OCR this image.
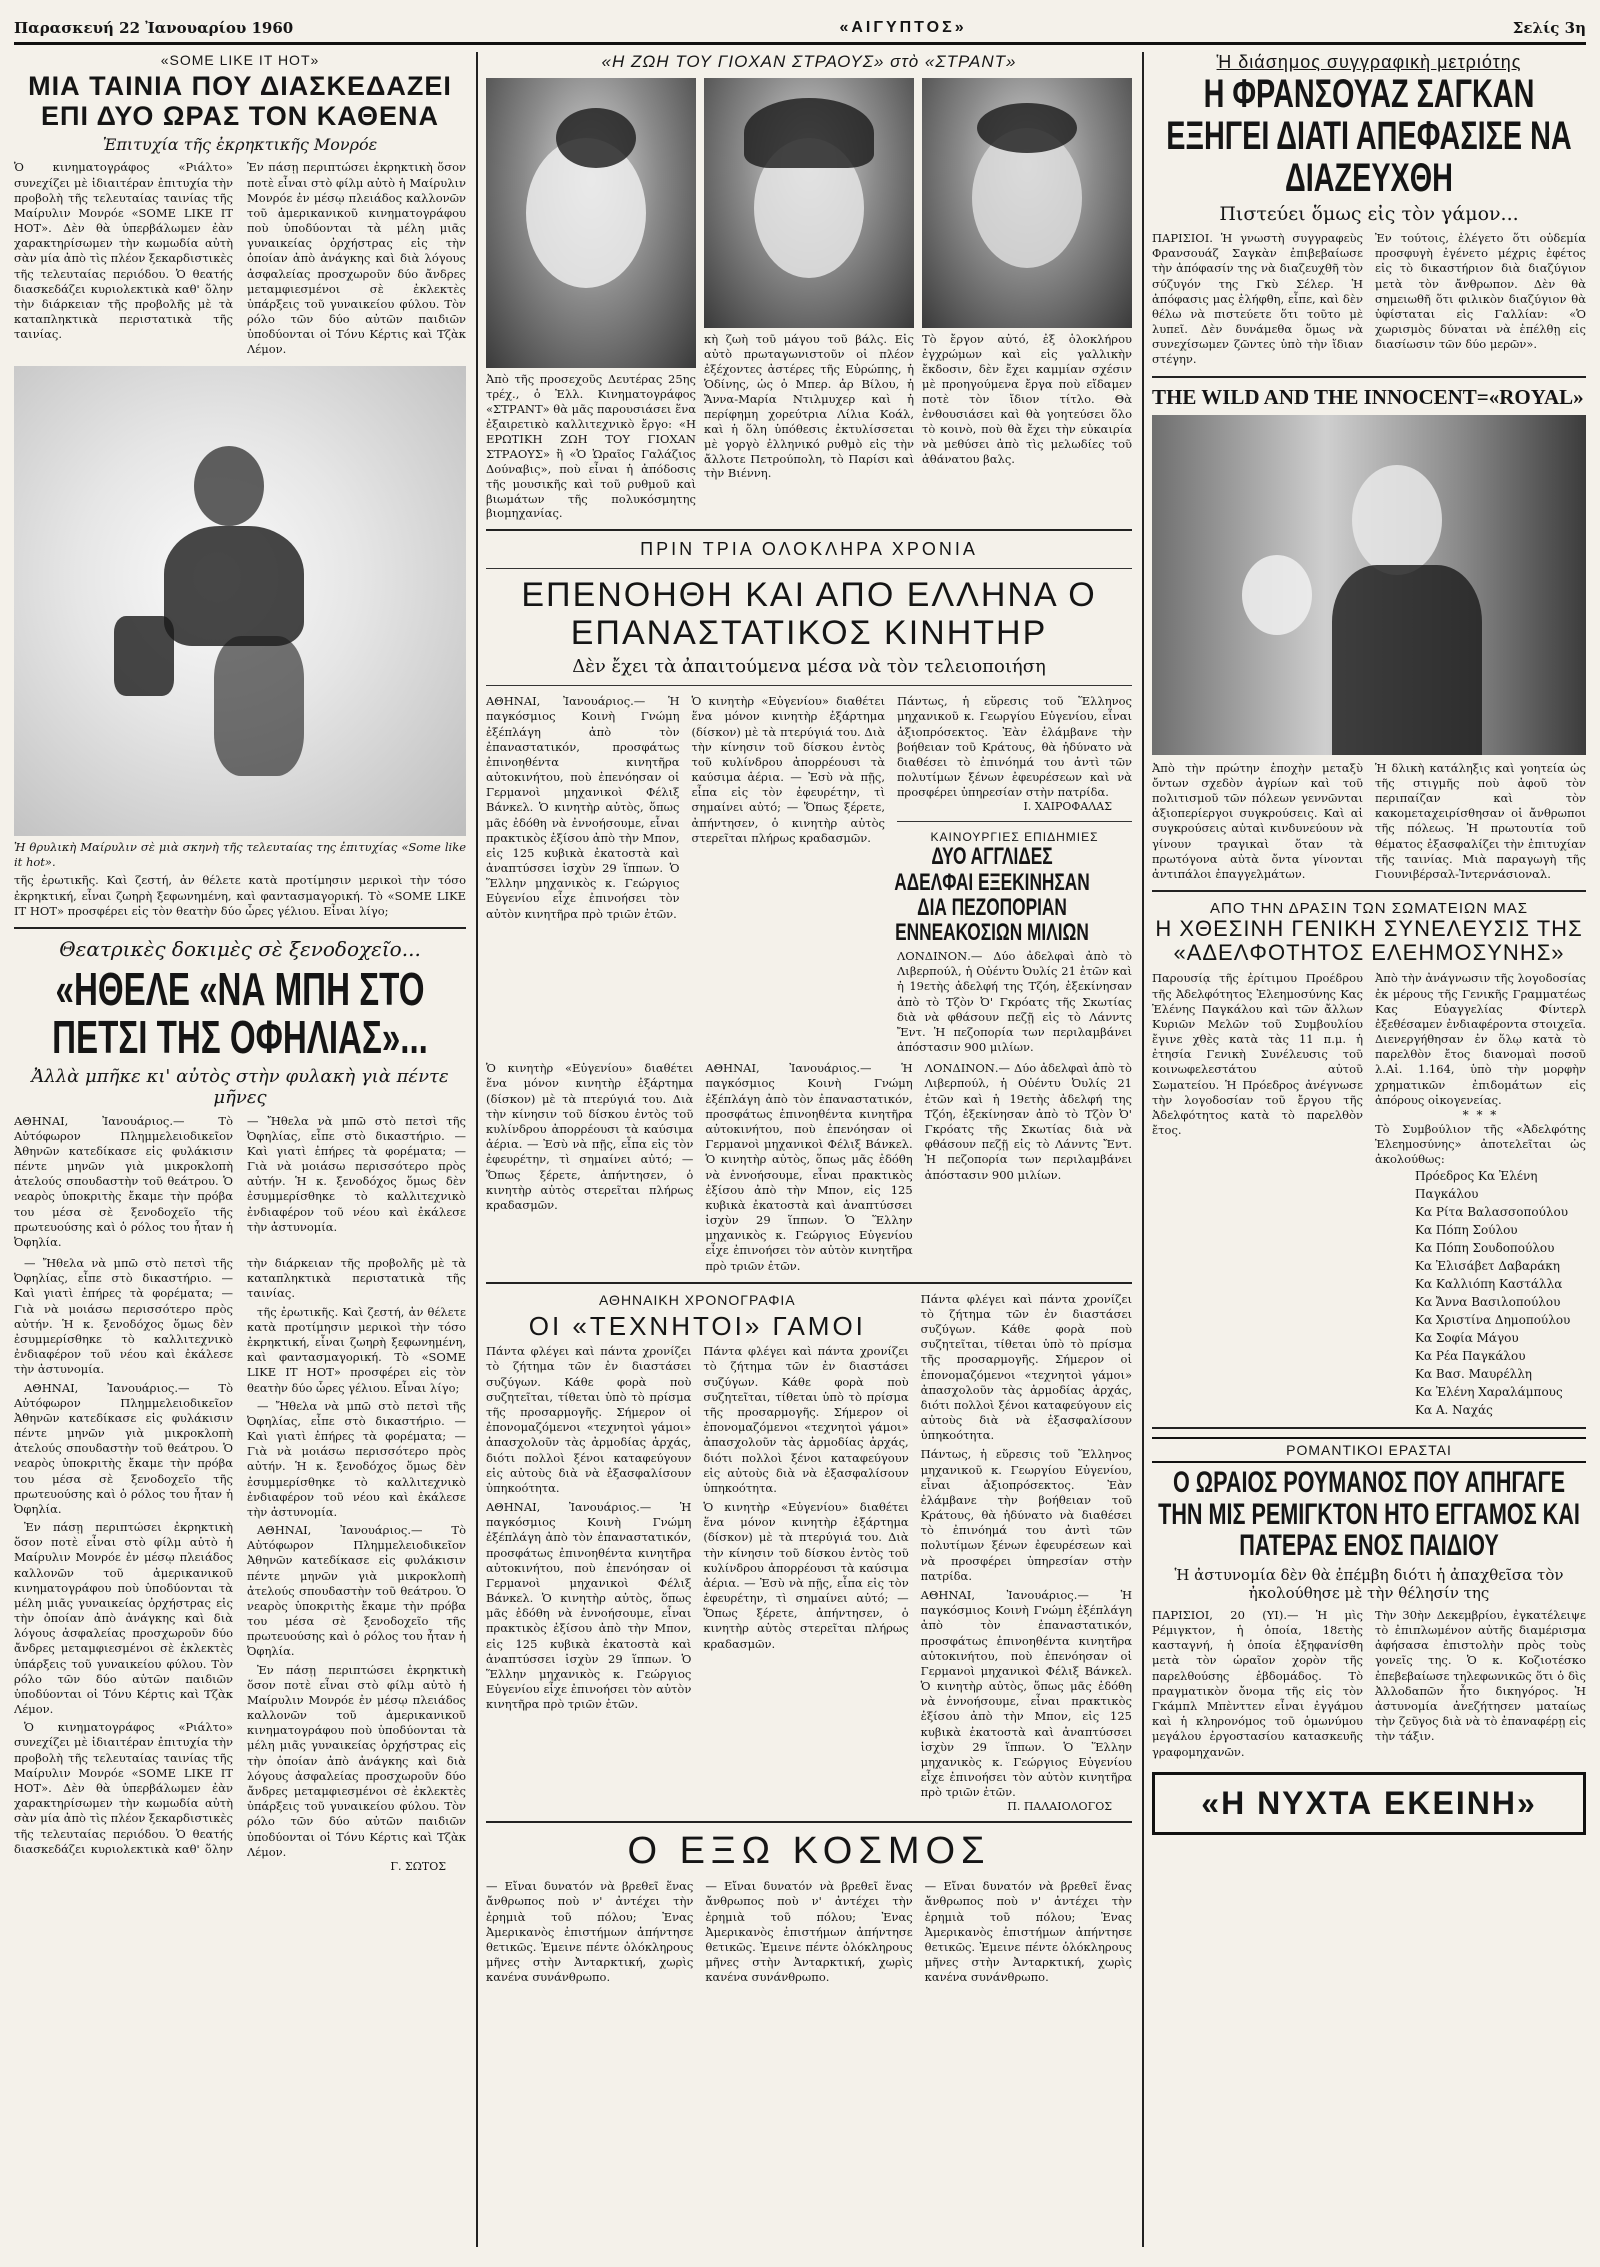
Παρασκευή 22 Ἰανουαρίου 1960	«ΑΙΓΥΠΤΟΣ»	Σελίς 3η
«SOME LIKE IT HOT»
ΜΙΑ ΤΑΙΝΙΑ ΠΟΥ ΔΙΑΣΚΕΔΑΖΕΙ ΕΠΙ ΔΥΟ ΩΡΑΣ ΤΟΝ ΚΑΘΕΝΑ
Ἐπιτυχία τῆς ἐκρηκτικῆς Μονρόε
Ὁ κινηματογράφος «Ριάλτο» συνεχίζει μὲ ἰδιαιτέραν ἐπιτυχία τὴν προβολὴ τῆς τελευταίας ταινίας τῆς Μαίρυλιν Μονρόε «SOME LIKE IT HOT». Δὲν θὰ ὑπερβάλωμεν ἐὰν χαρακτηρίσωμεν τὴν κωμωδία αὐτὴ σὰν μία ἀπὸ τὶς πλέον ξεκαρδιστικὲς τῆς τελευταίας περιόδου. Ὁ θεατής διασκεδάζει κυριολεκτικὰ καθ' ὅλην τὴν διάρκειαν τῆς προβολῆς μὲ τὰ καταπληκτικὰ περιστατικὰ τῆς ταινίας.
Ἐν πάσῃ περιπτώσει ἐκρηκτικὴ ὅσον ποτὲ εἶναι στὸ φίλμ αὐτὸ ἡ Μαίρυλιν Μονρόε ἐν μέσῳ πλειάδος καλλονῶν τοῦ ἀμερικανικοῦ κινηματογράφου ποὺ ὑποδύονται τὰ μέλη μιᾶς γυναικείας ὀρχήστρας εἰς τὴν ὁποίαν ἀπὸ ἀνάγκης καὶ διὰ λόγους ἀσφαλείας προσχωροῦν δύο ἄνδρες μεταμφιεσμένοι σὲ ἐκλεκτὲς ὑπάρξεις τοῦ γυναικείου φύλου. Τὸν ρόλο τῶν δύο αὐτῶν παιδιῶν ὑποδύονται οἱ Τόνυ Κέρτις καὶ Τζὰκ Λέμον.
Ἡ θρυλικὴ Μαίρυλιν σὲ μιὰ σκηνὴ τῆς τελευταίας της ἐπιτυχίας «Some like it hot».
τῆς ἐρωτικῆς. Καὶ ζεστή, ἀν θέλετε κατὰ προτίμησιν μερικοὶ τὴν τόσο ἐκρηκτική, εἶναι ζωηρὴ ξεφωνημένη, καὶ φαντασμαγορική. Τὸ «SOME LIKE IT HOT» προσφέρει εἰς τὸν θεατὴν δύο ὧρες γέλιου. Εἶναι λίγο;
Θεατρικὲς δοκιμὲς σὲ ξενοδοχεῖο...
«ΗΘΕΛΕ «ΝΑ ΜΠΗ ΣΤΟ ΠΕΤΣΙ ΤΗΣ ΟΦΗΛΙΑΣ»...
Ἀλλὰ μπῆκε κι' αὐτὸς στὴν φυλακὴ γιὰ πέντε μῆνες
ΑΘΗΝΑΙ, Ἰανουάριος.— Τὸ Αὐτόφωρον Πλημμελειοδικεῖον Ἀθηνῶν κατεδίκασε εἰς φυλάκισιν πέντε μηνῶν γιὰ μικροκλοπὴ ἀτελούς σπουδαστὴν τοῦ θεάτρου. Ὁ νεαρὸς ὑποκριτὴς ἔκαμε τὴν πρόβα του μέσα σὲ ξενοδοχεῖο τῆς πρωτευούσης καὶ ὁ ρόλος του ἦταν ἡ Ὀφηλία.
— Ἤθελα νὰ μπῶ στὸ πετσὶ τῆς Ὀφηλίας, εἶπε στὸ δικαστήριο. — Καὶ γιατὶ ἐπήρες τὰ φορέματα; — Γιὰ νὰ μοιάσω περισσότερο πρὸς αὐτήν. Ἡ κ. ξενοδόχος ὅμως δὲν ἐσυμμερίσθηκε τὸ καλλιτεχνικὸ ἐνδιαφέρον τοῦ νέου καὶ ἐκάλεσε τὴν ἀστυνομία.

— Ἤθελα νὰ μπῶ στὸ πετσὶ τῆς Ὀφηλίας, εἶπε στὸ δικαστήριο. — Καὶ γιατὶ ἐπήρες τὰ φορέματα; — Γιὰ νὰ μοιάσω περισσότερο πρὸς αὐτήν. Ἡ κ. ξενοδόχος ὅμως δὲν ἐσυμμερίσθηκε τὸ καλλιτεχνικὸ ἐνδιαφέρον τοῦ νέου καὶ ἐκάλεσε τὴν ἀστυνομία.

ΑΘΗΝΑΙ, Ἰανουάριος.— Τὸ Αὐτόφωρον Πλημμελειοδικεῖον Ἀθηνῶν κατεδίκασε εἰς φυλάκισιν πέντε μηνῶν γιὰ μικροκλοπὴ ἀτελούς σπουδαστὴν τοῦ θεάτρου. Ὁ νεαρὸς ὑποκριτὴς ἔκαμε τὴν πρόβα του μέσα σὲ ξενοδοχεῖο τῆς πρωτευούσης καὶ ὁ ρόλος του ἦταν ἡ Ὀφηλία.

Ἐν πάσῃ περιπτώσει ἐκρηκτικὴ ὅσον ποτὲ εἶναι στὸ φίλμ αὐτὸ ἡ Μαίρυλιν Μονρόε ἐν μέσῳ πλειάδος καλλονῶν τοῦ ἀμερικανικοῦ κινηματογράφου ποὺ ὑποδύονται τὰ μέλη μιᾶς γυναικείας ὀρχήστρας εἰς τὴν ὁποίαν ἀπὸ ἀνάγκης καὶ διὰ λόγους ἀσφαλείας προσχωροῦν δύο ἄνδρες μεταμφιεσμένοι σὲ ἐκλεκτὲς ὑπάρξεις τοῦ γυναικείου φύλου. Τὸν ρόλο τῶν δύο αὐτῶν παιδιῶν ὑποδύονται οἱ Τόνυ Κέρτις καὶ Τζὰκ Λέμον.

Ὁ κινηματογράφος «Ριάλτο» συνεχίζει μὲ ἰδιαιτέραν ἐπιτυχία τὴν προβολὴ τῆς τελευταίας ταινίας τῆς Μαίρυλιν Μονρόε «SOME LIKE IT HOT». Δὲν θὰ ὑπερβάλωμεν ἐὰν χαρακτηρίσωμεν τὴν κωμωδία αὐτὴ σὰν μία ἀπὸ τὶς πλέον ξεκαρδιστικὲς τῆς τελευταίας περιόδου. Ὁ θεατής διασκεδάζει κυριολεκτικὰ καθ' ὅλην τὴν διάρκειαν τῆς προβολῆς μὲ τὰ καταπληκτικὰ περιστατικὰ τῆς ταινίας.

τῆς ἐρωτικῆς. Καὶ ζεστή, ἀν θέλετε κατὰ προτίμησιν μερικοὶ τὴν τόσο ἐκρηκτική, εἶναι ζωηρὴ ξεφωνημένη, καὶ φαντασμαγορική. Τὸ «SOME LIKE IT HOT» προσφέρει εἰς τὸν θεατὴν δύο ὧρες γέλιου. Εἶναι λίγο;

— Ἤθελα νὰ μπῶ στὸ πετσὶ τῆς Ὀφηλίας, εἶπε στὸ δικαστήριο. — Καὶ γιατὶ ἐπήρες τὰ φορέματα; — Γιὰ νὰ μοιάσω περισσότερο πρὸς αὐτήν. Ἡ κ. ξενοδόχος ὅμως δὲν ἐσυμμερίσθηκε τὸ καλλιτεχνικὸ ἐνδιαφέρον τοῦ νέου καὶ ἐκάλεσε τὴν ἀστυνομία.

ΑΘΗΝΑΙ, Ἰανουάριος.— Τὸ Αὐτόφωρον Πλημμελειοδικεῖον Ἀθηνῶν κατεδίκασε εἰς φυλάκισιν πέντε μηνῶν γιὰ μικροκλοπὴ ἀτελούς σπουδαστὴν τοῦ θεάτρου. Ὁ νεαρὸς ὑποκριτὴς ἔκαμε τὴν πρόβα του μέσα σὲ ξενοδοχεῖο τῆς πρωτευούσης καὶ ὁ ρόλος του ἦταν ἡ Ὀφηλία.

Ἐν πάσῃ περιπτώσει ἐκρηκτικὴ ὅσον ποτὲ εἶναι στὸ φίλμ αὐτὸ ἡ Μαίρυλιν Μονρόε ἐν μέσῳ πλειάδος καλλονῶν τοῦ ἀμερικανικοῦ κινηματογράφου ποὺ ὑποδύονται τὰ μέλη μιᾶς γυναικείας ὀρχήστρας εἰς τὴν ὁποίαν ἀπὸ ἀνάγκης καὶ διὰ λόγους ἀσφαλείας προσχωροῦν δύο ἄνδρες μεταμφιεσμένοι σὲ ἐκλεκτὲς ὑπάρξεις τοῦ γυναικείου φύλου. Τὸν ρόλο τῶν δύο αὐτῶν παιδιῶν ὑποδύονται οἱ Τόνυ Κέρτις καὶ Τζὰκ Λέμον.

Γ. ΣΩΤΟΣ
«Η ΖΩΗ ΤΟΥ ΓΙΟΧΑΝ ΣΤΡΑΟΥΣ» στὸ «ΣΤΡΑΝΤ»
Ἀπὸ τῆς προσεχοῦς Δευτέρας 25ης τρέχ., ὁ Ἐλλ. Κινηματογράφος «ΣΤΡΑΝΤ» θὰ μᾶς παρουσιάσει ἕνα ἐξαιρετικὸ καλλιτεχνικὸ ἔργο: «Η ΕΡΩΤΙΚΗ ΖΩΗ ΤΟΥ ΓΙΟΧΑΝ ΣΤΡΑΟΥΣ» ἢ «Ὁ Ὡραῖος Γαλάζιος Δούναβις», ποὺ εἶναι ἡ ἀπόδοσις τῆς μουσικῆς καὶ τοῦ ρυθμοῦ καὶ βιωμάτων τῆς πολυκόσμητης βιομηχανίας.
κὴ ζωὴ τοῦ μάγου τοῦ βάλς. Εἰς αὐτὸ πρωταγωνιστοῦν οἱ πλέον ἐξέχοντες ἀστέρες τῆς Εὐρώπης, ἡ Ὁδίνης, ὡς ὁ Μπερ. ἀρ Βίλου, ἡ Ἄννα-Μαρία Ντιλμυχερ καὶ ἡ περίφημη χορεύτρια Λίλια Κοάλ, καὶ ἡ ὅλη ὑπόθεσις ἐκτυλίσσεται μὲ γοργὸ ἐλληνικό ρυθμὸ εἰς τὴν ἄλλοτε Πετρούπολη, τὸ Παρίσι καὶ τὴν Βιέννη.
Τὸ ἔργον αὐτό, ἐξ ὁλοκλήρου ἐγχρώμων καὶ εἰς γαλλικὴν ἔκδοσιν, δὲν ἔχει καμμίαν σχέσιν μὲ προηγούμενα ἔργα ποὺ εἴδαμεν ποτὲ τὸν ἴδιον τίτλο. Θὰ ἐνθουσιάσει καὶ θὰ γοητεύσει ὅλο τὸ κοινὸ, ποὺ θὰ ἔχει τὴν εὐκαιρία νὰ μεθύσει ἀπὸ τὶς μελωδίες τοῦ ἀθάνατου βαλς.
ΠΡΙΝ ΤΡΙΑ ΟΛΟΚΛΗΡΑ ΧΡΟΝΙΑ
ΕΠΕΝΟΗΘΗ ΚΑΙ ΑΠΟ ΕΛΛΗΝΑ Ο ΕΠΑΝΑΣΤΑΤΙΚΟΣ ΚΙΝΗΤΗΡ
Δὲν ἔχει τὰ ἀπαιτούμενα μέσα νὰ τὸν τελειοποιήση
ΑΘΗΝΑΙ, Ἰανουάριος.— Ἡ παγκόσμιος Κοινὴ Γνώμη ἐξέπλάγη ἀπὸ τὸν ἐπαναστατικόν, προσφάτως ἐπινοηθέντα κινητῆρα αὐτοκινήτου, ποὺ ἐπενόησαν οἱ Γερμανοὶ μηχανικοὶ Φέλιξ Βάνκελ. Ὁ κινητὴρ αὐτὸς, ὅπως μᾶς ἐδόθη νὰ ἐννοήσουμε, εἶναι πρακτικὸς ἐξίσου ἀπὸ τὴν Μπον, εἰς 125 κυβικὰ ἐκατοστὰ καὶ ἀναπτύσσει ἰσχὺν 29 ἵππων. Ὁ Ἕλλην μηχανικὸς κ. Γεώργιος Εὐγενίου εἶχε ἐπινοήσει τὸν αὐτὸν κινητῆρα πρὸ τριῶν ἐτῶν.
Ὁ κινητὴρ «Εὐγενίου» διαθέτει ἕνα μόνον κινητὴρ ἐξάρτημα (δίσκον) μὲ τὰ πτερύγιά του. Διὰ τὴν κίνησιν τοῦ δίσκου ἐντὸς τοῦ κυλίνδρου ἀπορρέουσι τὰ καύσιμα ἀέρια. — Ἐσὺ νὰ πῇς, εἶπα εἰς τὸν ἐφευρέτην, τὶ σημαίνει αὐτό; — Ὅπως ξέρετε, ἀπήντησεν, ὁ κινητὴρ αὐτὸς στερεῖται πλήρως κραδασμῶν.
Πάντως, ἡ εὕρεσις τοῦ Ἕλληνος μηχανικοῦ κ. Γεωργίου Εὐγενίου, εἶναι ἀξιοπρόσεκτος. Ἐὰν ἐλάμβανε τὴν βοήθειαν τοῦ Κράτους, θὰ ἠδύνατο νὰ διαθέσει τὸ ἐπινόημά του ἀντὶ τῶν πολυτίμων ξένων ἐφευρέσεων καὶ νὰ προσφέρει ὑπηρεσίαν στὴν πατρίδα.
Ι. ΧΑΙΡΟΦΑΛΑΣ
ΚΑΙΝΟΥΡΓΙΕΣ ΕΠΙΔΗΜΙΕΣ
ΔΥΟ ΑΓΓΛΙΔΕΣ ΑΔΕΛΦΑΙ ΕΞΕΚΙΝΗΣΑΝ ΔΙΑ ΠΕΖΟΠΟΡΙΑΝ ΕΝΝΕΑΚΟΣΙΩΝ ΜΙΛΙΩΝ
ΛΟΝΔΙΝΟΝ.— Δύο ἀδελφαὶ ἀπὸ τὸ Λιβερπούλ, ἡ Οὐέντυ Ὀυλίς 21 ἐτῶν καὶ ἡ 19ετὴς ἀδελφή της Τζόη, ἐξεκίνησαν ἀπὸ τὸ Τζὸν Ὀ' Γκρόατς τῆς Σκωτίας διὰ νὰ φθάσουν πεζῇ εἰς τὸ Λάνντς Ἔντ. Ἡ πεζοπορία των περιλαμβάνει ἀπόστασιν 900 μιλίων.
Ὁ κινητὴρ «Εὐγενίου» διαθέτει ἕνα μόνον κινητὴρ ἐξάρτημα (δίσκον) μὲ τὰ πτερύγιά του. Διὰ τὴν κίνησιν τοῦ δίσκου ἐντὸς τοῦ κυλίνδρου ἀπορρέουσι τὰ καύσιμα ἀέρια. — Ἐσὺ νὰ πῇς, εἶπα εἰς τὸν ἐφευρέτην, τὶ σημαίνει αὐτό; — Ὅπως ξέρετε, ἀπήντησεν, ὁ κινητὴρ αὐτὸς στερεῖται πλήρως κραδασμῶν.
ΑΘΗΝΑΙ, Ἰανουάριος.— Ἡ παγκόσμιος Κοινὴ Γνώμη ἐξέπλάγη ἀπὸ τὸν ἐπαναστατικόν, προσφάτως ἐπινοηθέντα κινητῆρα αὐτοκινήτου, ποὺ ἐπενόησαν οἱ Γερμανοὶ μηχανικοὶ Φέλιξ Βάνκελ. Ὁ κινητὴρ αὐτὸς, ὅπως μᾶς ἐδόθη νὰ ἐννοήσουμε, εἶναι πρακτικὸς ἐξίσου ἀπὸ τὴν Μπον, εἰς 125 κυβικὰ ἐκατοστὰ καὶ ἀναπτύσσει ἰσχὺν 29 ἵππων. Ὁ Ἕλλην μηχανικὸς κ. Γεώργιος Εὐγενίου εἶχε ἐπινοήσει τὸν αὐτὸν κινητῆρα πρὸ τριῶν ἐτῶν.
ΛΟΝΔΙΝΟΝ.— Δύο ἀδελφαὶ ἀπὸ τὸ Λιβερπούλ, ἡ Οὐέντυ Ὀυλίς 21 ἐτῶν καὶ ἡ 19ετὴς ἀδελφή της Τζόη, ἐξεκίνησαν ἀπὸ τὸ Τζὸν Ὀ' Γκρόατς τῆς Σκωτίας διὰ νὰ φθάσουν πεζῇ εἰς τὸ Λάνντς Ἔντ. Ἡ πεζοπορία των περιλαμβάνει ἀπόστασιν 900 μιλίων.
ΑΘΗΝΑΙΚΗ ΧΡΟΝΟΓΡΑΦΙΑ
ΟΙ «ΤΕΧΝΗΤΟΙ» ΓΑΜΟΙ
Πάντα φλέγει καὶ πάντα χρονίζει τὸ ζήτημα τῶν ἐν διαστάσει συζύγων. Κάθε φορὰ ποὺ συζητεῖται, τίθεται ὑπὸ τὸ πρίσμα τῆς προσαρμογῆς. Σήμερον οἱ ἐπονομαζόμενοι «τεχνητοὶ γάμοι» ἀπασχολοῦν τὰς ἀρμοδίας ἀρχάς, διότι πολλοὶ ξένοι καταφεύγουν εἰς αὐτοὺς διὰ νὰ ἐξασφαλίσουν ὑπηκοότητα.
Πάντα φλέγει καὶ πάντα χρονίζει τὸ ζήτημα τῶν ἐν διαστάσει συζύγων. Κάθε φορὰ ποὺ συζητεῖται, τίθεται ὑπὸ τὸ πρίσμα τῆς προσαρμογῆς. Σήμερον οἱ ἐπονομαζόμενοι «τεχνητοὶ γάμοι» ἀπασχολοῦν τὰς ἀρμοδίας ἀρχάς, διότι πολλοὶ ξένοι καταφεύγουν εἰς αὐτοὺς διὰ νὰ ἐξασφαλίσουν ὑπηκοότητα.
ΑΘΗΝΑΙ, Ἰανουάριος.— Ἡ παγκόσμιος Κοινὴ Γνώμη ἐξέπλάγη ἀπὸ τὸν ἐπαναστατικόν, προσφάτως ἐπινοηθέντα κινητῆρα αὐτοκινήτου, ποὺ ἐπενόησαν οἱ Γερμανοὶ μηχανικοὶ Φέλιξ Βάνκελ. Ὁ κινητὴρ αὐτὸς, ὅπως μᾶς ἐδόθη νὰ ἐννοήσουμε, εἶναι πρακτικὸς ἐξίσου ἀπὸ τὴν Μπον, εἰς 125 κυβικὰ ἐκατοστὰ καὶ ἀναπτύσσει ἰσχὺν 29 ἵππων. Ὁ Ἕλλην μηχανικὸς κ. Γεώργιος Εὐγενίου εἶχε ἐπινοήσει τὸν αὐτὸν κινητῆρα πρὸ τριῶν ἐτῶν.
Ὁ κινητὴρ «Εὐγενίου» διαθέτει ἕνα μόνον κινητὴρ ἐξάρτημα (δίσκον) μὲ τὰ πτερύγιά του. Διὰ τὴν κίνησιν τοῦ δίσκου ἐντὸς τοῦ κυλίνδρου ἀπορρέουσι τὰ καύσιμα ἀέρια. — Ἐσὺ νὰ πῇς, εἶπα εἰς τὸν ἐφευρέτην, τὶ σημαίνει αὐτό; — Ὅπως ξέρετε, ἀπήντησεν, ὁ κινητὴρ αὐτὸς στερεῖται πλήρως κραδασμῶν.
Πάντα φλέγει καὶ πάντα χρονίζει τὸ ζήτημα τῶν ἐν διαστάσει συζύγων. Κάθε φορὰ ποὺ συζητεῖται, τίθεται ὑπὸ τὸ πρίσμα τῆς προσαρμογῆς. Σήμερον οἱ ἐπονομαζόμενοι «τεχνητοὶ γάμοι» ἀπασχολοῦν τὰς ἀρμοδίας ἀρχάς, διότι πολλοὶ ξένοι καταφεύγουν εἰς αὐτοὺς διὰ νὰ ἐξασφαλίσουν ὑπηκοότητα.
Πάντως, ἡ εὕρεσις τοῦ Ἕλληνος μηχανικοῦ κ. Γεωργίου Εὐγενίου, εἶναι ἀξιοπρόσεκτος. Ἐὰν ἐλάμβανε τὴν βοήθειαν τοῦ Κράτους, θὰ ἠδύνατο νὰ διαθέσει τὸ ἐπινόημά του ἀντὶ τῶν πολυτίμων ξένων ἐφευρέσεων καὶ νὰ προσφέρει ὑπηρεσίαν στὴν πατρίδα.
ΑΘΗΝΑΙ, Ἰανουάριος.— Ἡ παγκόσμιος Κοινὴ Γνώμη ἐξέπλάγη ἀπὸ τὸν ἐπαναστατικόν, προσφάτως ἐπινοηθέντα κινητῆρα αὐτοκινήτου, ποὺ ἐπενόησαν οἱ Γερμανοὶ μηχανικοὶ Φέλιξ Βάνκελ. Ὁ κινητὴρ αὐτὸς, ὅπως μᾶς ἐδόθη νὰ ἐννοήσουμε, εἶναι πρακτικὸς ἐξίσου ἀπὸ τὴν Μπον, εἰς 125 κυβικὰ ἐκατοστὰ καὶ ἀναπτύσσει ἰσχὺν 29 ἵππων. Ὁ Ἕλλην μηχανικὸς κ. Γεώργιος Εὐγενίου εἶχε ἐπινοήσει τὸν αὐτὸν κινητῆρα πρὸ τριῶν ἐτῶν.
Π. ΠΑΛΑΙΟΛΟΓΟΣ
Ο ΕΞΩ ΚΟΣΜΟΣ
— Εἴναι δυνατόν νὰ βρεθεῖ ἕνας ἄνθρωπος ποὺ ν' ἀντέχει τὴν ἐρημιὰ τοῦ πόλου; Ἐνας Ἀμερικανὸς ἐπιστήμων ἀπήντησε θετικῶς. Ἐμεινε πέντε ὁλόκληρους μῆνες στὴν Ἀνταρκτική, χωρὶς κανένα συνάνθρωπο.
— Εἴναι δυνατόν νὰ βρεθεῖ ἕνας ἄνθρωπος ποὺ ν' ἀντέχει τὴν ἐρημιὰ τοῦ πόλου; Ἐνας Ἀμερικανὸς ἐπιστήμων ἀπήντησε θετικῶς. Ἐμεινε πέντε ὁλόκληρους μῆνες στὴν Ἀνταρκτική, χωρὶς κανένα συνάνθρωπο.
— Εἴναι δυνατόν νὰ βρεθεῖ ἕνας ἄνθρωπος ποὺ ν' ἀντέχει τὴν ἐρημιὰ τοῦ πόλου; Ἐνας Ἀμερικανὸς ἐπιστήμων ἀπήντησε θετικῶς. Ἐμεινε πέντε ὁλόκληρους μῆνες στὴν Ἀνταρκτική, χωρὶς κανένα συνάνθρωπο.
Ἡ διάσημος συγγραφικὴ μετριότης
Η ΦΡΑΝΣΟΥΑΖ ΣΑΓΚΑΝ ΕΞΗΓΕΙ ΔΙΑΤΙ ΑΠΕΦΑΣΙΣΕ ΝΑ ΔΙΑΖΕΥΧΘΗ
Πιστεύει ὅμως εἰς τὸν γάμον...
ΠΑΡΙΣΙΟΙ. Ἡ γνωστὴ συγγραφεὺς Φρανσουάζ Σαγκὰν ἐπιβεβαίωσε τὴν ἀπόφασίν της νὰ διαζευχθῆ τὸν σύζυγόν της Γκὺ Σέλερ. Ἡ ἀπόφασις μας ἐλήφθη, εἶπε, καὶ δὲν θέλω νὰ πιστεύετε ὅτι τοῦτο μὲ λυπεῖ. Δὲν δυνάμεθα ὅμως νὰ συνεχίσωμεν ζῶντες ὑπὸ τὴν ἴδιαν στέγην.
Ἐν τούτοις, ἐλέγετο ὅτι οὐδεμία προσφυγὴ ἐγένετο μέχρις ἐφέτος εἰς τὸ δικαστήριον διὰ διαζύγιον μετὰ τὸν ἄνθρωπον. Δὲν θὰ σημειωθῆ ὅτι φιλικὸν διαζύγιον θὰ ὑφίσταται εἰς Γαλλίαν: «Ὁ χωρισμὸς δύναται νὰ ἐπέλθῃ εἰς διασίωσιν τῶν δύο μερῶν».
THE WILD AND THE INNOCENT=«ROYAL»
Ἀπὸ τὴν πρώτην ἐποχὴν μεταξὺ ὄντων σχεδὸν ἀγρίων καὶ τοῦ πολιτισμοῦ τῶν πόλεων γεννῶνται ἀξιοπερίεργοι συγκρούσεις. Καὶ αἱ συγκρούσεις αὐταὶ κινδυνεύουν νὰ γίνουν τραγικαὶ ὅταν τὰ πρωτόγονα αὐτὰ ὄντα γίνονται ἀντιπάλοι ἐπαγγελμάτων.
Ἡ δλικὴ κατάληξις καὶ γοητεία ὡς τῆς στιγμῆς ποὺ ἀφοῦ τὸν περιπαίζαν καὶ τὸν κακομεταχειρίσθησαν οἱ ἄνθρωποι τῆς πόλεως. Ἡ πρωτουτία τοῦ θέματος ἐξασφαλίζει τὴν ἐπιτυχίαν τῆς ταινίας. Μιὰ παραγωγὴ τῆς Γιουνιβέρσαλ-Ἰντερνάσιοναλ.
ΑΠΟ ΤΗΝ ΔΡΑΣΙΝ ΤΩΝ ΣΩΜΑΤΕΙΩΝ ΜΑΣ
Η ΧΘΕΣΙΝΗ ΓΕΝΙΚΗ ΣΥΝΕΛΕΥΣΙΣ ΤΗΣ «ΑΔΕΛΦΟΤΗΤΟΣ ΕΛΕΗΜΟΣΥΝΗΣ»
Παρουσίᾳ τῆς ἐρίτιμου Προέδρου τῆς Ἀδελφότητος Ἐλεημοσύνης Κας Ἐλένης Παγκάλου καὶ τῶν ἄλλων Κυριῶν Μελῶν τοῦ Συμβουλίου ἔγινε χθὲς κατὰ τὰς 11 π.μ. ἡ ἐτησία Γενικὴ Συνέλευσις τοῦ κοινωφελεστάτου αὐτοῦ Σωματείου. Ἡ Πρόεδρος ἀνέγνωσε τὴν λογοδοσίαν τοῦ ἔργου τῆς Ἀδελφότητος κατὰ τὸ παρελθὸν ἔτος.
Ἀπὸ τὴν ἀνάγνωσιν τῆς λογοδοσίας ἐκ μέρους τῆς Γενικῆς Γραμματέως Κας Εὐαγγελίας Φίντερλ ἐξεθέσαμεν ἐνδιαφέροντα στοιχεῖα. Διενεργήθησαν ἐν ὅλῳ κατὰ τὸ παρελθὸν ἔτος διανομαὶ ποσοῦ λ.Αἰ. 1.164, ὑπὸ τὴν μορφὴν χρηματικῶν ἐπιδομάτων εἰς ἀπόρους οἰκογενείας.
* * *
Τὸ Συμβούλιον τῆς «Ἀδελφότης Ἐλεημοσύνης» ἀποτελεῖται ὡς ἀκολούθως:
Πρόεδρος Κα Ἐλένη Παγκάλου
Κα Ρίτα Βαλασσοπούλου
Κα Πόπη Σούλου
Κα Πόπη Σουδοπούλου
Κα Ἐλισάβετ Δαβαράκη
Κα Καλλιόπη Καστάλλα
Κα Ἄννα Βασιλοπούλου
Κα Χριστίνα Δημοπούλου
Κα Σοφία Μάγου
Κα Ρέα Παγκάλου
Κα Βασ. Μαυρέλλη
Κα Ἐλένη Χαραλάμπους
Κα Α. Ναχάς
ΡΟΜΑΝΤΙΚΟΙ ΕΡΑΣΤΑΙ
Ο ΩΡΑΙΟΣ ΡΟΥΜΑΝΟΣ ΠΟΥ ΑΠΗΓΑΓΕ ΤΗΝ ΜΙΣ ΡΕΜΙΓΚΤΟΝ ΗΤΟ ΕΓΓΑΜΟΣ ΚΑΙ ΠΑΤΕΡΑΣ ΕΝΟΣ ΠΑΙΔΙΟΥ
Ἡ ἀστυνομία δὲν θὰ ἐπέμβη διότι ἡ ἀπαχθεῖσα τὸν ἠκολούθησε μὲ τὴν θέλησίν της
ΠΑΡΙΣΙΟΙ, 20 (ΥΙ).— Ἡ μὶς Ρέμιγκτον, ἡ ὁποία, 18ετὴς κασταγνή, ἡ ὁποία ἐξηφανίσθη μετὰ τὸν ὡραῖον χορὸν τῆς παρελθούσης ἑβδομάδος. Τὸ πραγματικὸν ὄνομα τῆς εἰς τὸν Γκάμπλ Μπὲνττεν εἶναι ἐγγάμου καὶ ἡ κληρονόμος τοῦ ὁμωνύμου μεγάλου ἐργοστασίου κατασκευῆς γραφομηχανῶν.
Τὴν 30ὴν Δεκεμβρίου, ἐγκατέλειψε τὸ ἐπιπλωμένον αὐτῆς διαμέρισμα ἀφήσασα ἐπιστολὴν πρὸς τοὺς γονεῖς της. Ὁ κ. Κοζιοτέσκο ἐπεβεβαίωσε τηλεφωνικῶς ὅτι ὁ δὶς Ἀλλοδαπῶν ἦτο δικηγόρος. Ἡ ἀστυνομία ἀνεζήτησεν ματαίως τὴν ζεῦγος διὰ νὰ τὸ ἐπαναφέρῃ εἰς τὴν τάξιν.
«Η ΝΥΧΤΑ ΕΚΕΙΝΗ»
